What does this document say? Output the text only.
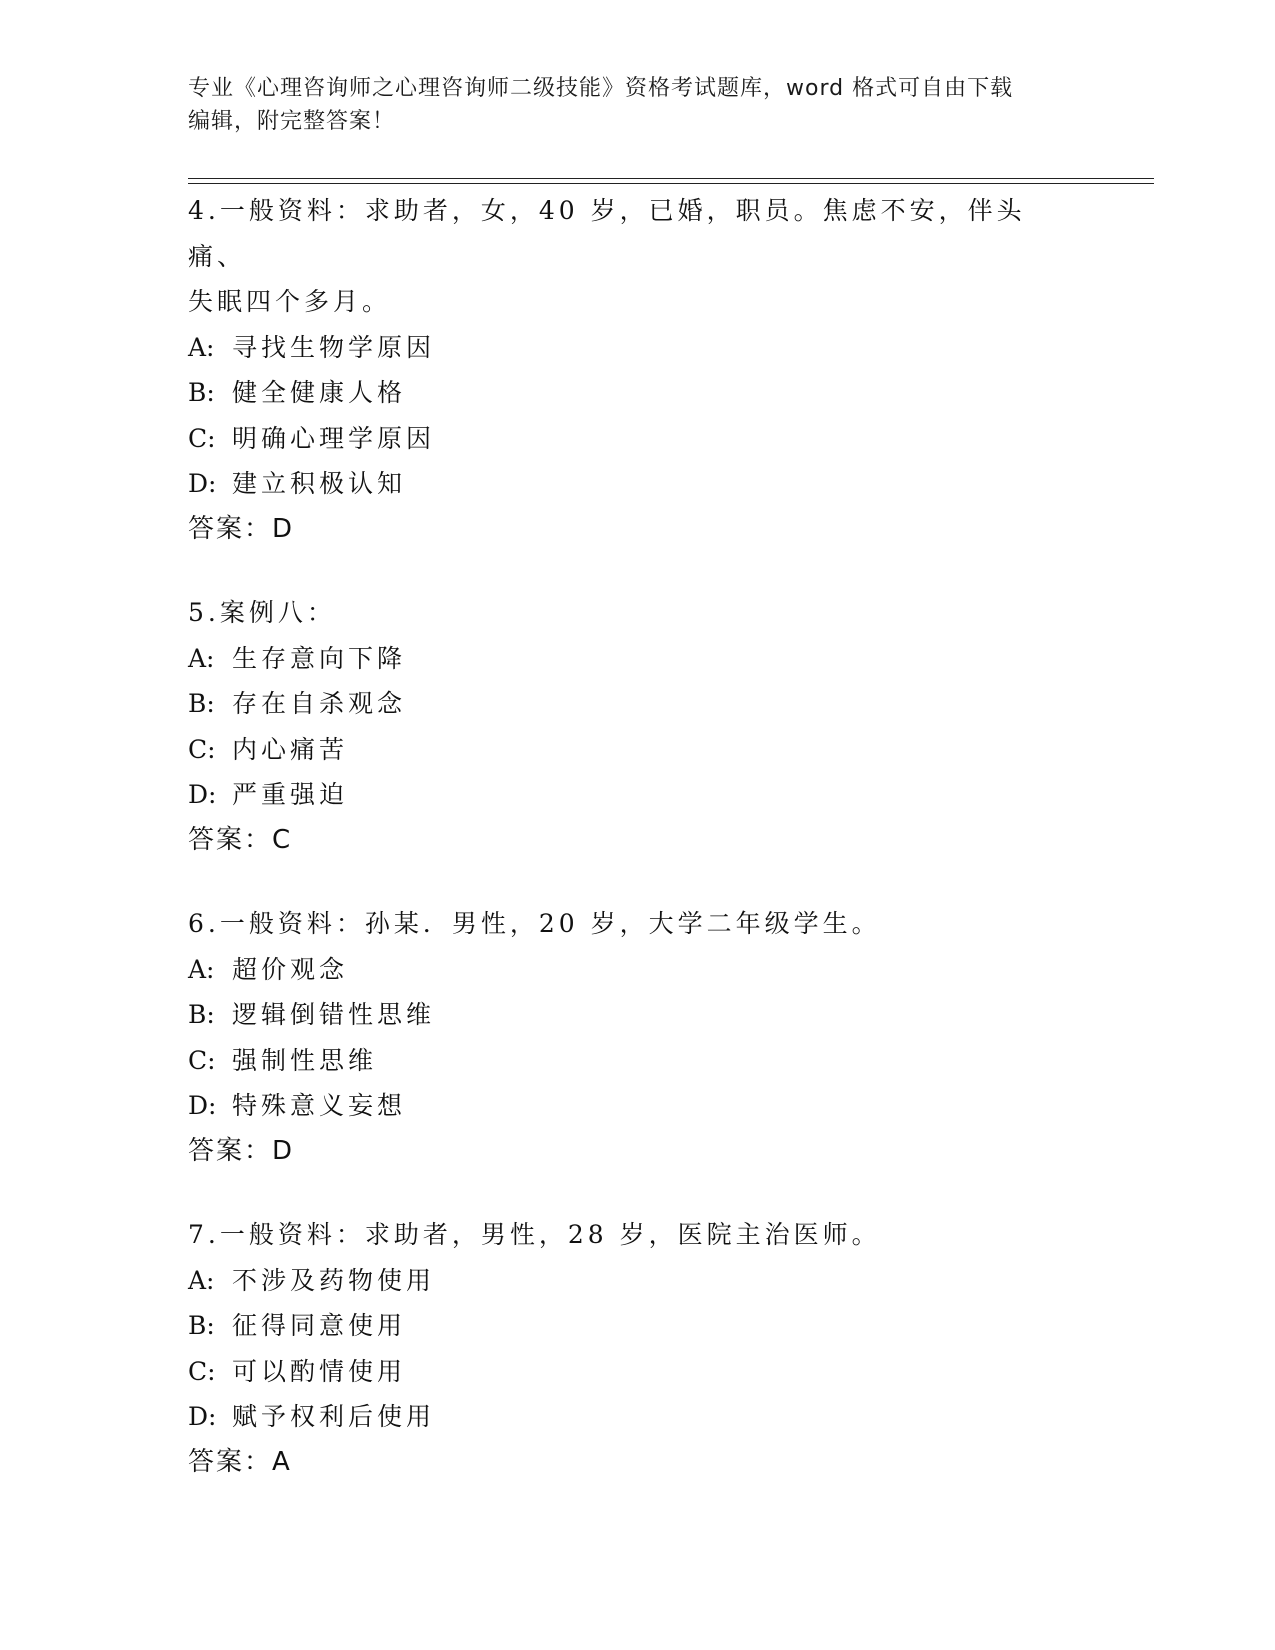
专业《心理咨询师之心理咨询师二级技能》资格考试题库，word 格式可自由下载
编辑，附完整答案！
4.一般资料：求助者，女，40 岁，已婚，职员。焦虑不安，伴头痛、
失眠四个多月。
A: 寻找生物学原因
B: 健全健康人格
C: 明确心理学原因
D: 建立积极认知
答案：D
5.案例八：
A: 生存意向下降
B: 存在自杀观念
C: 内心痛苦
D: 严重强迫
答案：C
6.一般资料：孙某．男性，20 岁，大学二年级学生。
A: 超价观念
B: 逻辑倒错性思维
C: 强制性思维
D: 特殊意义妄想
答案：D
7.一般资料：求助者，男性，28 岁，医院主治医师。
A: 不涉及药物使用
B: 征得同意使用
C: 可以酌情使用
D: 赋予权利后使用
答案：A
